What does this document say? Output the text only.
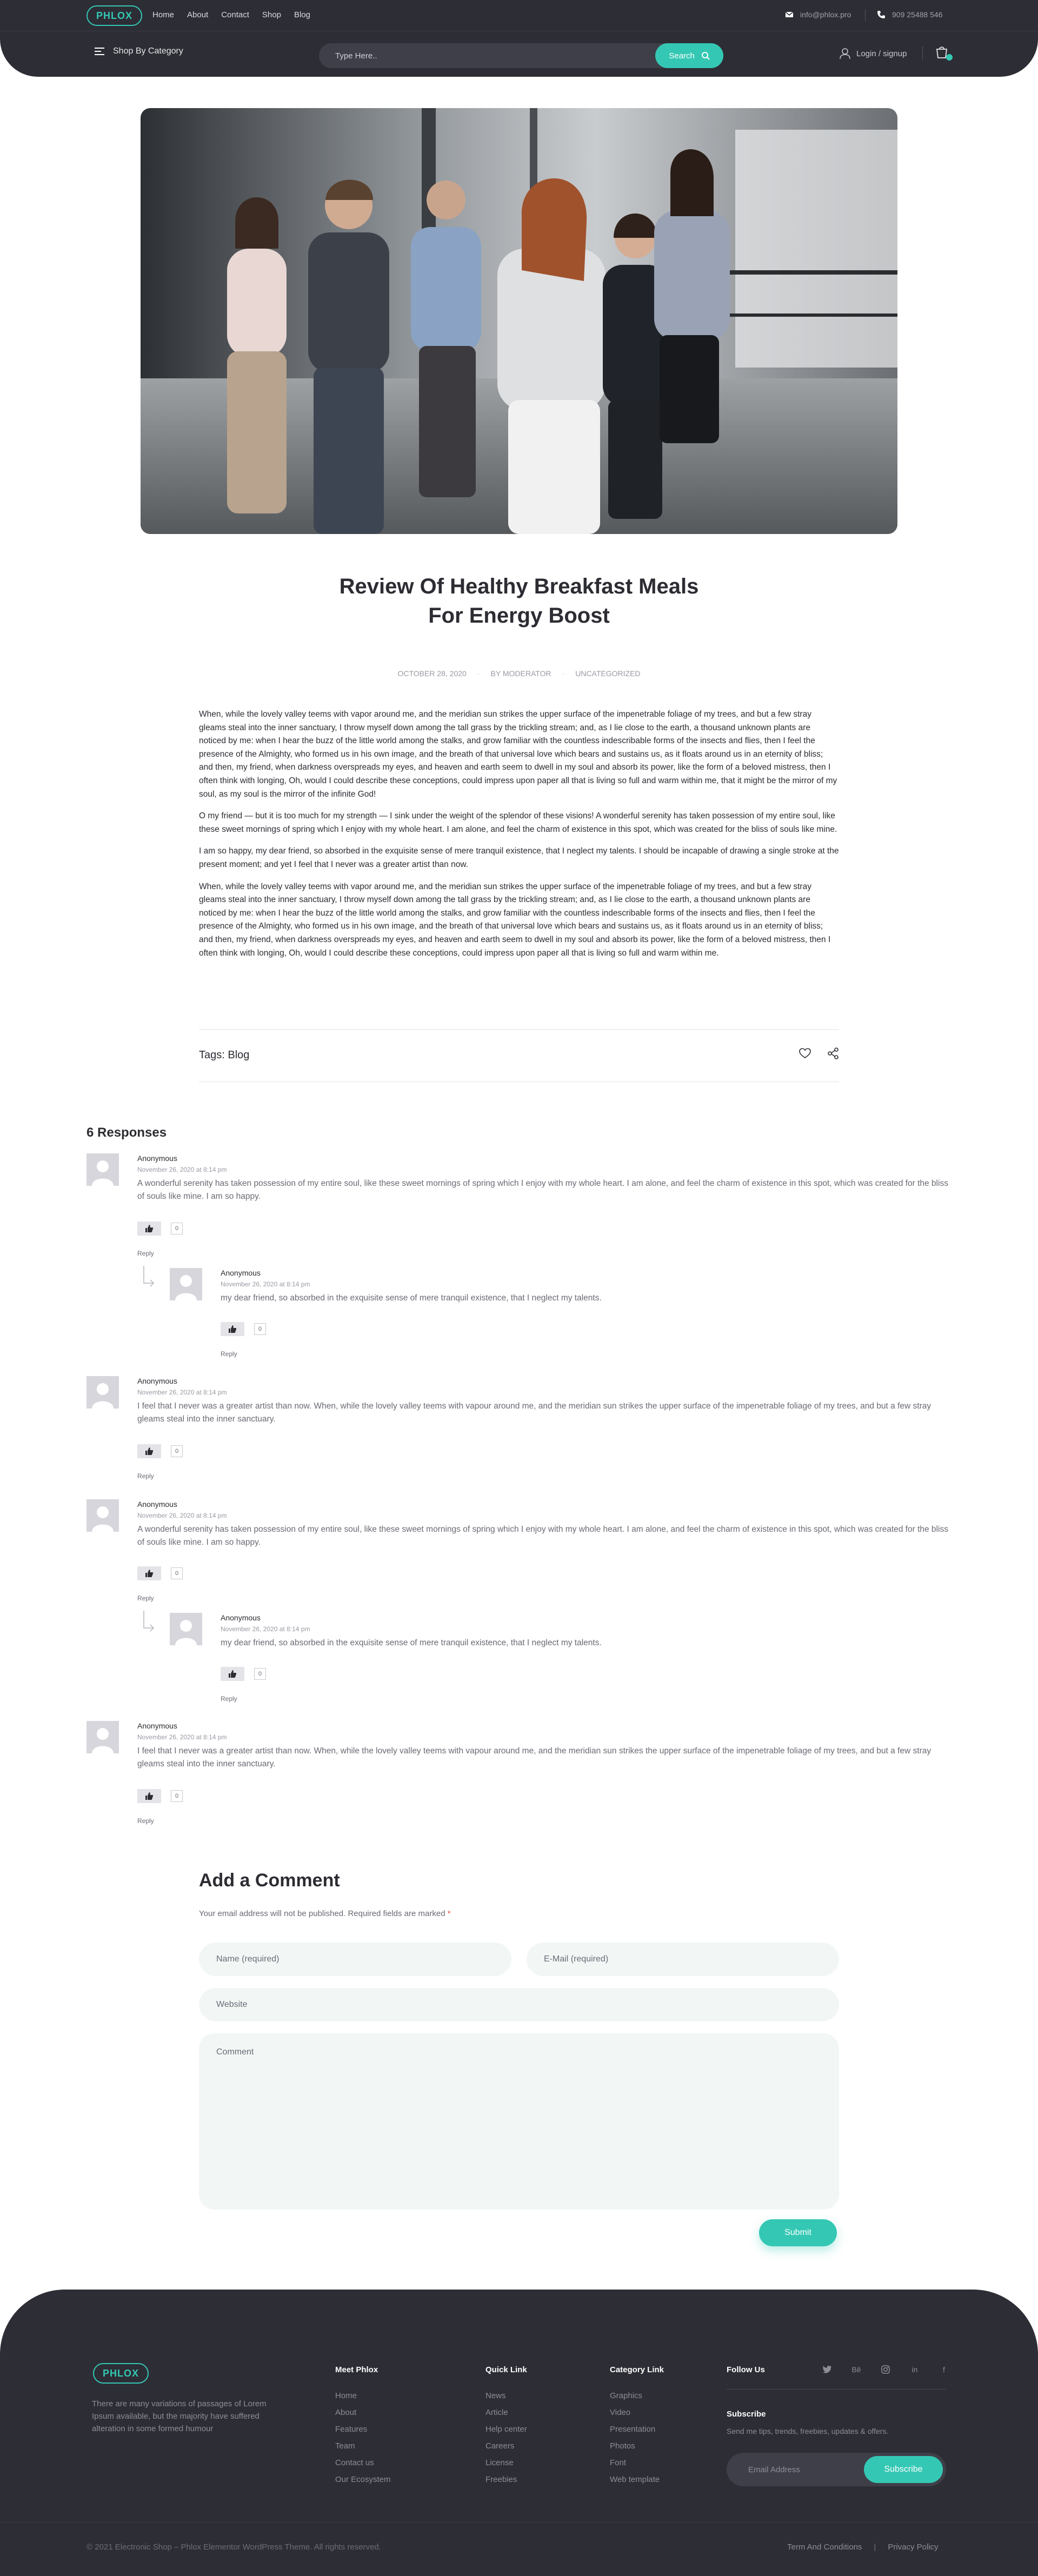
PHLOX	Home About Contact Shop Blog	info@phlox.pro	909 25488 546
Shop By Category
Type Here..	Search	Login / signup
Review Of Healthy Breakfast Meals
For Energy Boost
OCTOBER 28, 2020 · BY MODERATOR · UNCATEGORIZED

When, while the lovely valley teems with vapor around me, and the meridian sun strikes the upper surface of the impenetrable foliage of my trees, and but a few stray gleams steal into the inner sanctuary, I throw myself down among the tall grass by the trickling stream; and, as I lie close to the earth, a thousand unknown plants are noticed by me: when I hear the buzz of the little world among the stalks, and grow familiar with the countless indescribable forms of the insects and flies, then I feel the presence of the Almighty, who formed us in his own image, and the breath of that universal love which bears and sustains us, as it floats around us in an eternity of bliss; and then, my friend, when darkness overspreads my eyes, and heaven and earth seem to dwell in my soul and absorb its power, like the form of a beloved mistress, then I often think with longing, Oh, would I could describe these conceptions, could impress upon paper all that is living so full and warm within me, that it might be the mirror of my soul, as my soul is the mirror of the infinite God!

O my friend — but it is too much for my strength — I sink under the weight of the splendor of these visions! A wonderful serenity has taken possession of my entire soul, like these sweet mornings of spring which I enjoy with my whole heart. I am alone, and feel the charm of existence in this spot, which was created for the bliss of souls like mine.

I am so happy, my dear friend, so absorbed in the exquisite sense of mere tranquil existence, that I neglect my talents. I should be incapable of drawing a single stroke at the present moment; and yet I feel that I never was a greater artist than now.

When, while the lovely valley teems with vapor around me, and the meridian sun strikes the upper surface of the impenetrable foliage of my trees, and but a few stray gleams steal into the inner sanctuary, I throw myself down among the tall grass by the trickling stream; and, as I lie close to the earth, a thousand unknown plants are noticed by me: when I hear the buzz of the little world among the stalks, and grow familiar with the countless indescribable forms of the insects and flies, then I feel the presence of the Almighty, who formed us in his own image, and the breath of that universal love which bears and sustains us, as it floats around us in an eternity of bliss; and then, my friend, when darkness overspreads my eyes, and heaven and earth seem to dwell in my soul and absorb its power, like the form of a beloved mistress, then I often think with longing, Oh, would I could describe these conceptions, could impress upon paper all that is living so full and warm within me.

Tags: Blog
6 Responses
Anonymous
November 26, 2020 at 8:14 pm
A wonderful serenity has taken possession of my entire soul, like these sweet mornings of spring which I enjoy with my whole heart. I am alone, and feel the charm of existence in this spot, which was created for the bliss of souls like mine. I am so happy.
0
Reply
Anonymous
November 26, 2020 at 8:14 pm
my dear friend, so absorbed in the exquisite sense of mere tranquil existence, that I neglect my talents.
0
Reply
Anonymous
November 26, 2020 at 8:14 pm
I feel that I never was a greater artist than now. When, while the lovely valley teems with vapour around me, and the meridian sun strikes the upper surface of the impenetrable foliage of my trees, and but a few stray gleams steal into the inner sanctuary.
0
Reply
Anonymous
November 26, 2020 at 8:14 pm
A wonderful serenity has taken possession of my entire soul, like these sweet mornings of spring which I enjoy with my whole heart. I am alone, and feel the charm of existence in this spot, which was created for the bliss of souls like mine. I am so happy.
0
Reply
Anonymous
November 26, 2020 at 8:14 pm
my dear friend, so absorbed in the exquisite sense of mere tranquil existence, that I neglect my talents.
0
Reply
Anonymous
November 26, 2020 at 8:14 pm
I feel that I never was a greater artist than now. When, while the lovely valley teems with vapour around me, and the meridian sun strikes the upper surface of the impenetrable foliage of my trees, and but a few stray gleams steal into the inner sanctuary.
0
Reply
Add a Comment

Your email address will not be published. Required fields are marked *

Name (required)
E-Mail (required)
Website
Comment
Submit
PHLOX

There are many variations of passages of Lorem Ipsum available, but the majority have suffered alteration in some formed humour

Meet Phlox
Home
About
Features
Team
Contact us
Our Ecosystem
Quick Link
News
Article
Help center
Careers
License
Freebies
Category Link
Graphics
Video
Presentation
Photos
Font
Web template
Follow Us	Bē	in	f
Subscribe
Send me tips, trends, freebies, updates & offers.
Email Address
Subscribe
© 2021 Electronic Shop – Phlox Elementor WordPress Theme. All rights reserved.	Term And Conditions | Privacy Policy
